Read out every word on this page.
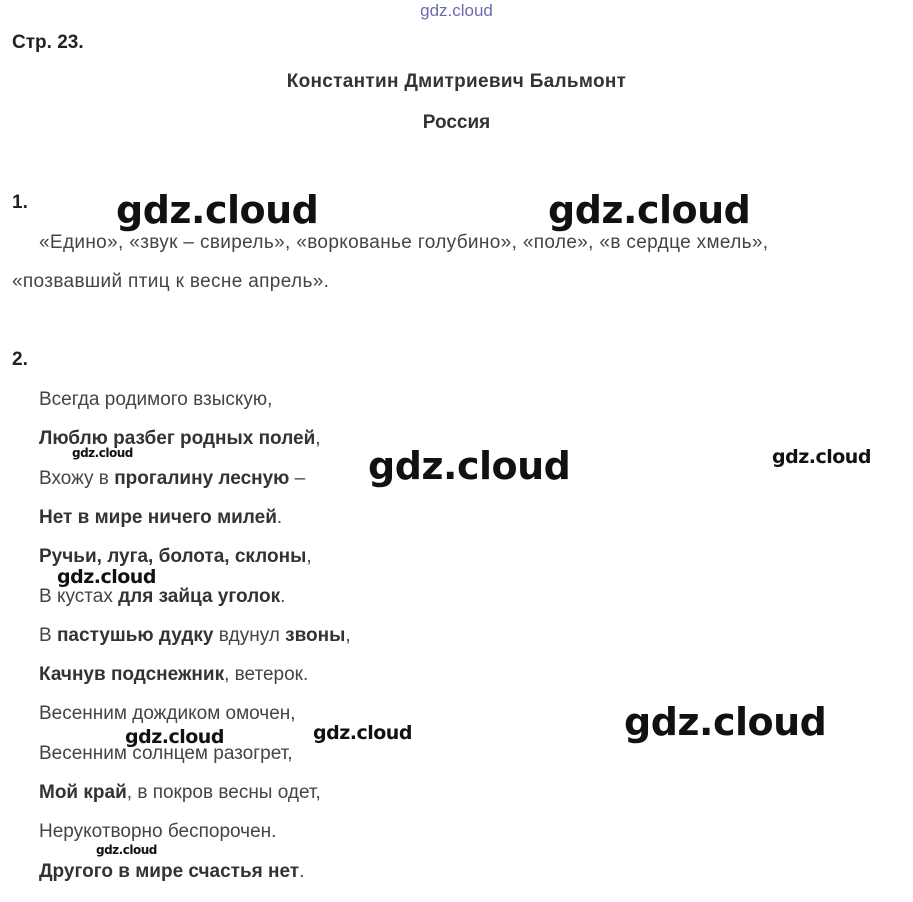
gdz.cloud
Стр. 23.
Константин Дмитриевич Бальмонт
Россия
1.
«Едино», «звук – свирель», «воркованье голубино», «поле», «в сердце хмель»,
«позвавший птиц к весне апрель».
2.
Всегда родимого взыскую,
Люблю разбег родных полей,
Вхожу в прогалину лесную –
Нет в мире ничего милей.
Ручьи, луга, болота, склоны,
В кустах для зайца уголок.
В пастушью дудку вдунул звоны,
Качнув подснежник, ветерок.
Весенним дождиком омочен,
Весенним солнцем разогрет,
Мой край, в покров весны одет,
Нерукотворно беспорочен.
Другого в мире счастья нет.
gdz.cloud	gdz.cloud
gdz.cloud	gdz.cloud	gdz.cloud
gdz.cloud
gdz.cloud
gdz.cloud	gdz.cloud
gdz.cloud
